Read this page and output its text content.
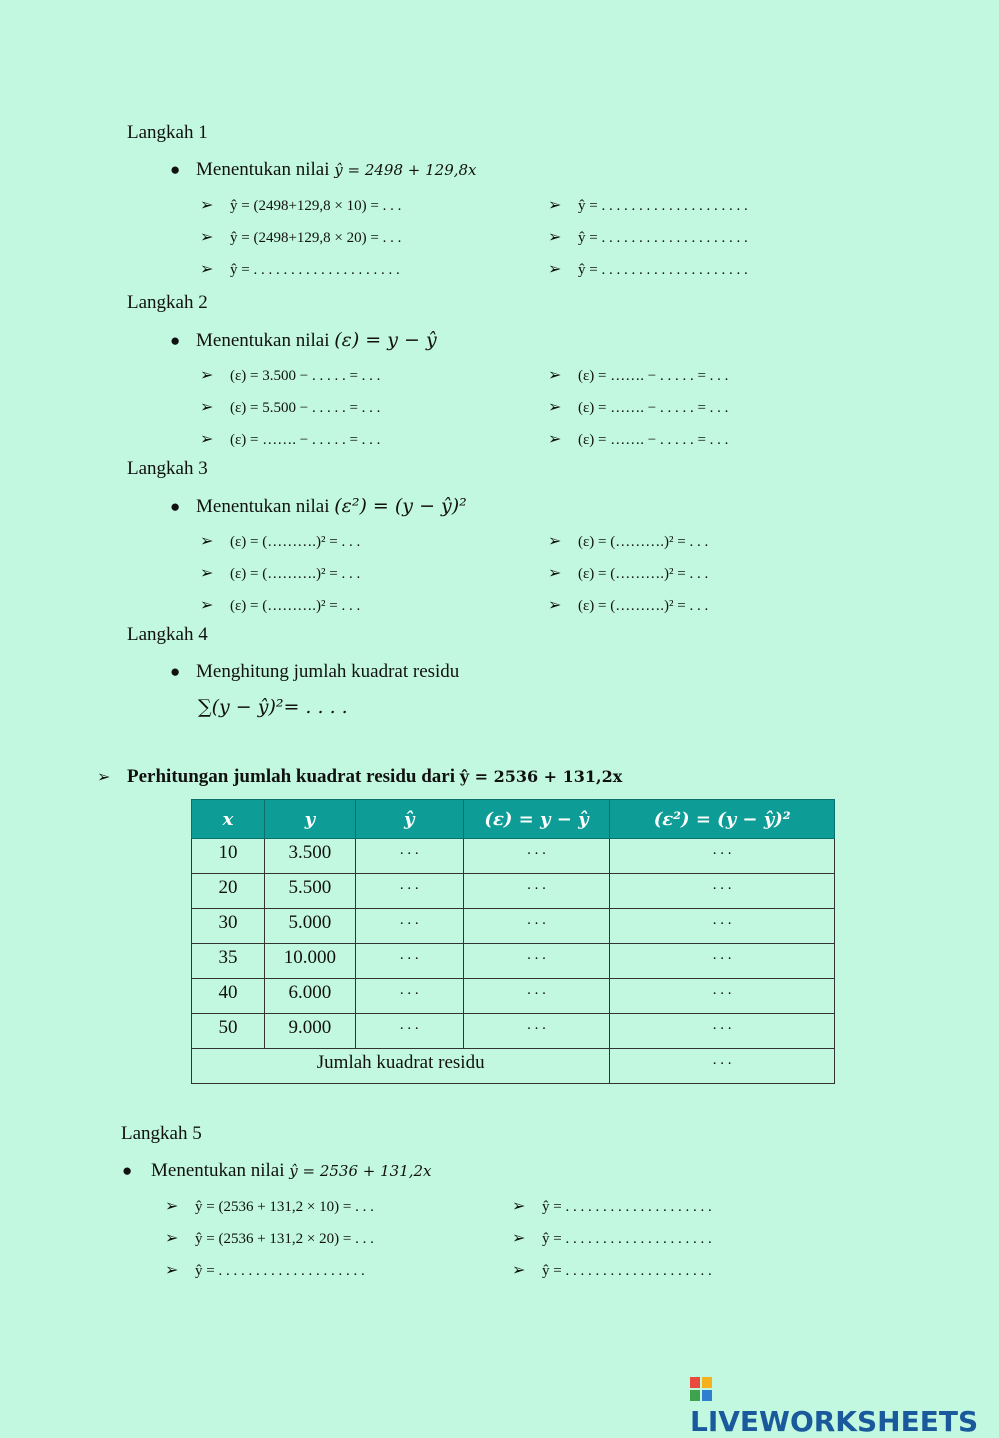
Langkah 1
● Menentukan nilai ŷ = 2498 + 129,8x
➢ ŷ = (2498+129,8 × 10) = . . .
➢ ŷ = (2498+129,8 × 20) = . . .
➢ ŷ = . . . . . . . . . . . . . . . . . . . .
➢ ŷ = . . . . . . . . . . . . . . . . . . . .
➢ ŷ = . . . . . . . . . . . . . . . . . . . .
➢ ŷ = . . . . . . . . . . . . . . . . . . . .
Langkah 2
● Menentukan nilai (ε) = y − ŷ
➢ (ε) = 3.500 − . . . . . = . . .
➢ (ε) = 5.500 − . . . . . = . . .
➢ (ε) = ……. − . . . . . = . . .
➢ (ε) = ……. − . . . . . = . . .
➢ (ε) = ……. − . . . . . = . . .
➢ (ε) = ……. − . . . . . = . . .
Langkah 3
● Menentukan nilai (ε²) = (y − ŷ)²
➢ (ε) = (……….)² = . . .
➢ (ε) = (……….)² = . . .
➢ (ε) = (……….)² = . . .
➢ (ε) = (……….)² = . . .
➢ (ε) = (……….)² = . . .
➢ (ε) = (……….)² = . . .
Langkah 4
● Menghitung jumlah kuadrat residu
∑(y − ŷ)²= . . . .
➢ Perhitungan jumlah kuadrat residu dari ŷ = 2536 + 131,2x
x	y	ŷ	(ε) = y − ŷ	(ε²) = (y − ŷ)²
10	3.500	. . .	. . .	. . .
20	5.500	. . .	. . .	. . .
30	5.000	. . .	. . .	. . .
35	10.000	. . .	. . .	. . .
40	6.000	. . .	. . .	. . .
50	9.000	. . .	. . .	. . .
Jumlah kuadrat residu				. . .
Langkah 5
● Menentukan nilai ŷ = 2536 + 131,2x
➢ ŷ = (2536 + 131,2 × 10) = . . .
➢ ŷ = (2536 + 131,2 × 20) = . . .
➢ ŷ = . . . . . . . . . . . . . . . . . . . .
➢ ŷ = . . . . . . . . . . . . . . . . . . . .
➢ ŷ = . . . . . . . . . . . . . . . . . . . .
➢ ŷ = . . . . . . . . . . . . . . . . . . . .
LIVEWORKSHEETS
